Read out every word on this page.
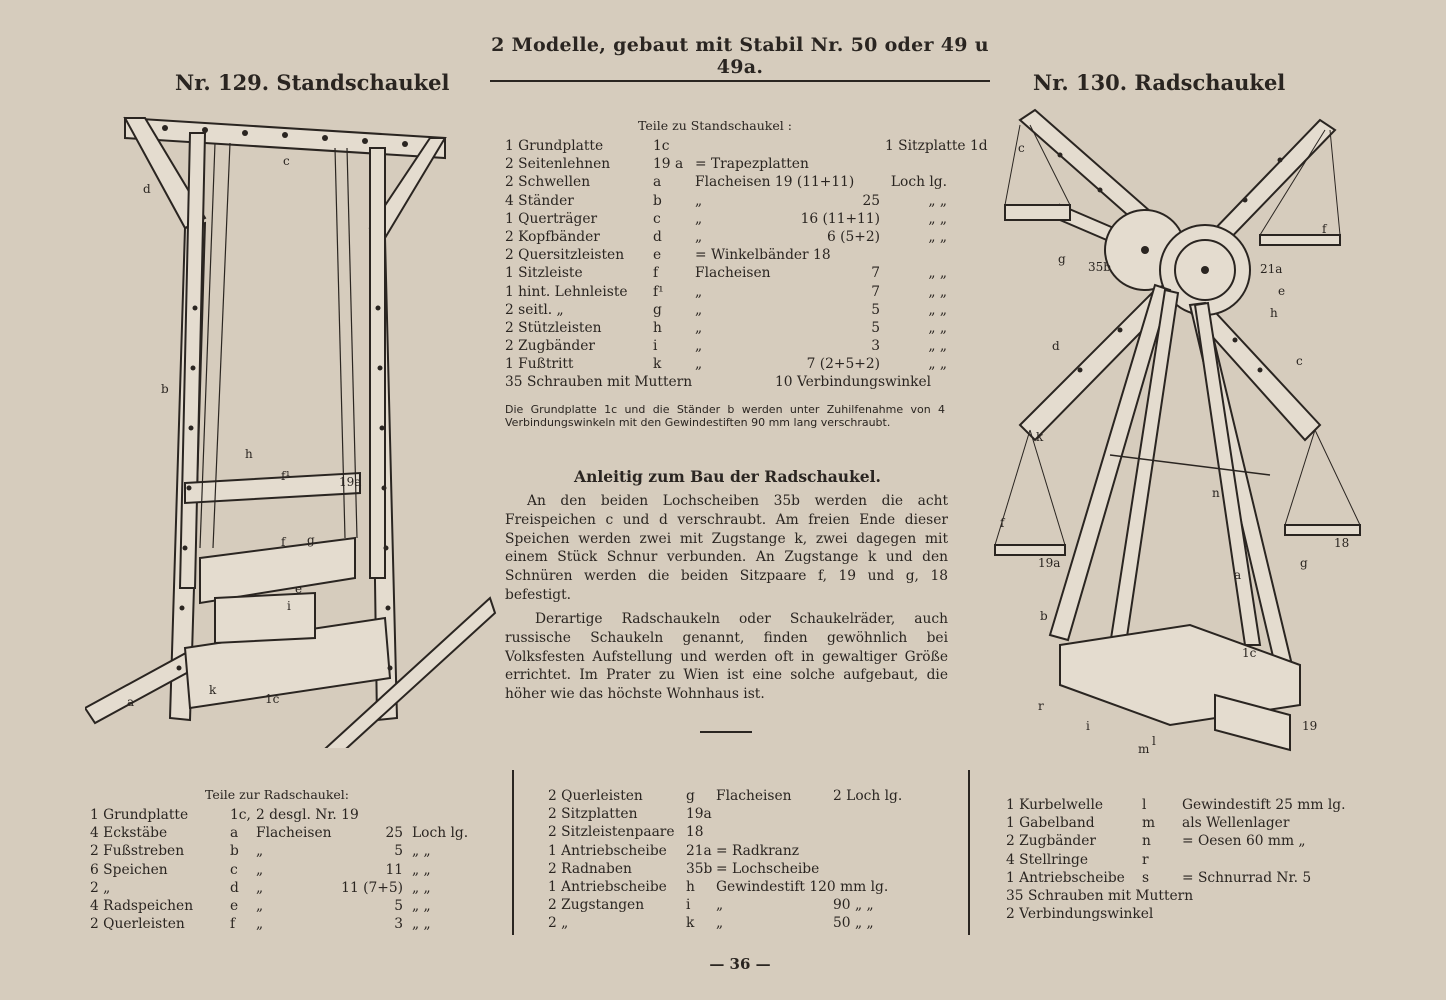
2 Modelle, gebaut mit Stabil Nr. 50 oder 49 u 49a.
Nr. 129. Standschaukel
c
d
b
h
f¹	19a
f g
e
i
a
k
1c
Teile zu Standschaukel :
1 Grundplatte	1c	1 Sitzplatte 1d
2 Seitenlehnen	19 a = Trapezplatten
2 Schwellen	a Flacheisen 19 (11+11)	Loch lg.
4 Ständer	b „	25	„ „
1 Querträger	c „	16 (11+11)	„ „
2 Kopfbänder	d „	6 (5+2)	„ „
2 Quersitzleisten e = Winkelbänder 18
1 Sitzleiste	f	Flacheisen	7	„ „
1 hint. Lehnleiste f¹ „	7	„ „
2 seitl. „	g „	5	„ „
2 Stützleisten	h „	5	„ „
2 Zugbänder	i	„	3	„ „
1 Fußtritt	k „	7 (2+5+2)	„ „
35 Schrauben mit Muttern	10 Verbindungswinkel
Die Grundplatte 1c und die Ständer b werden unter Zuhilfenahme von 4 Verbindungswinkeln mit den Gewindestiften 90 mm lang verschraubt.
Anleitig zum Bau der Radschaukel.
An den beiden Lochscheiben 35b werden die acht Freispeichen c und d verschraubt. Am freien Ende dieser Speichen werden zwei mit Zugstange k, zwei dagegen mit einem Stück Schnur verbunden. An Zugstange k und den Schnüren werden die beiden Sitzpaare f, 19 und g, 18 befestigt.
Derartige Radschaukeln oder Schaukelräder, auch russische Schaukeln genannt, finden gewöhnlich bei Volksfesten Aufstellung und werden oft in gewaltiger Größe errichtet. Im Prater zu Wien ist eine solche aufgebaut, die höher wie das höchste Wohnhaus ist.
Nr. 130. Radschaukel
c
g
35b	21a
e
h
f
d
c
k
n
f
19a
18
g
a
b
1c
r
i
m
l
19
Teile zur Radschaukel:
1 Grundplatte	1c, 2 desgl. Nr. 19
4 Eckstäbe	a Flacheisen	25 Loch lg.
2 Fußstreben	b „	5 „ „
6 Speichen	c „	11 „ „
2 „	d „	11 (7+5) „ „
4 Radspeichen	e „	5 „ „
2 Querleisten	f „	3 „ „
2 Querleisten	g Flacheisen	2 Loch lg.
2 Sitzplatten	19a
2 Sitzleistenpaare 18
1 Antriebscheibe 21a = Radkranz
2 Radnaben	35b = Lochscheibe
1 Antriebscheibe h Gewindestift 120 mm lg.
2 Zugstangen	i „	90 „ „
2 „	k „	50 „ „
1 Kurbelwelle	l	Gewindestift 25 mm lg.
1 Gabelband	m als Wellenlager
2 Zugbänder	n = Oesen 60 mm „
4 Stellringe	r
1 Antriebscheibe s = Schnurrad Nr. 5
35 Schrauben mit Muttern
2 Verbindungswinkel
— 36 —
